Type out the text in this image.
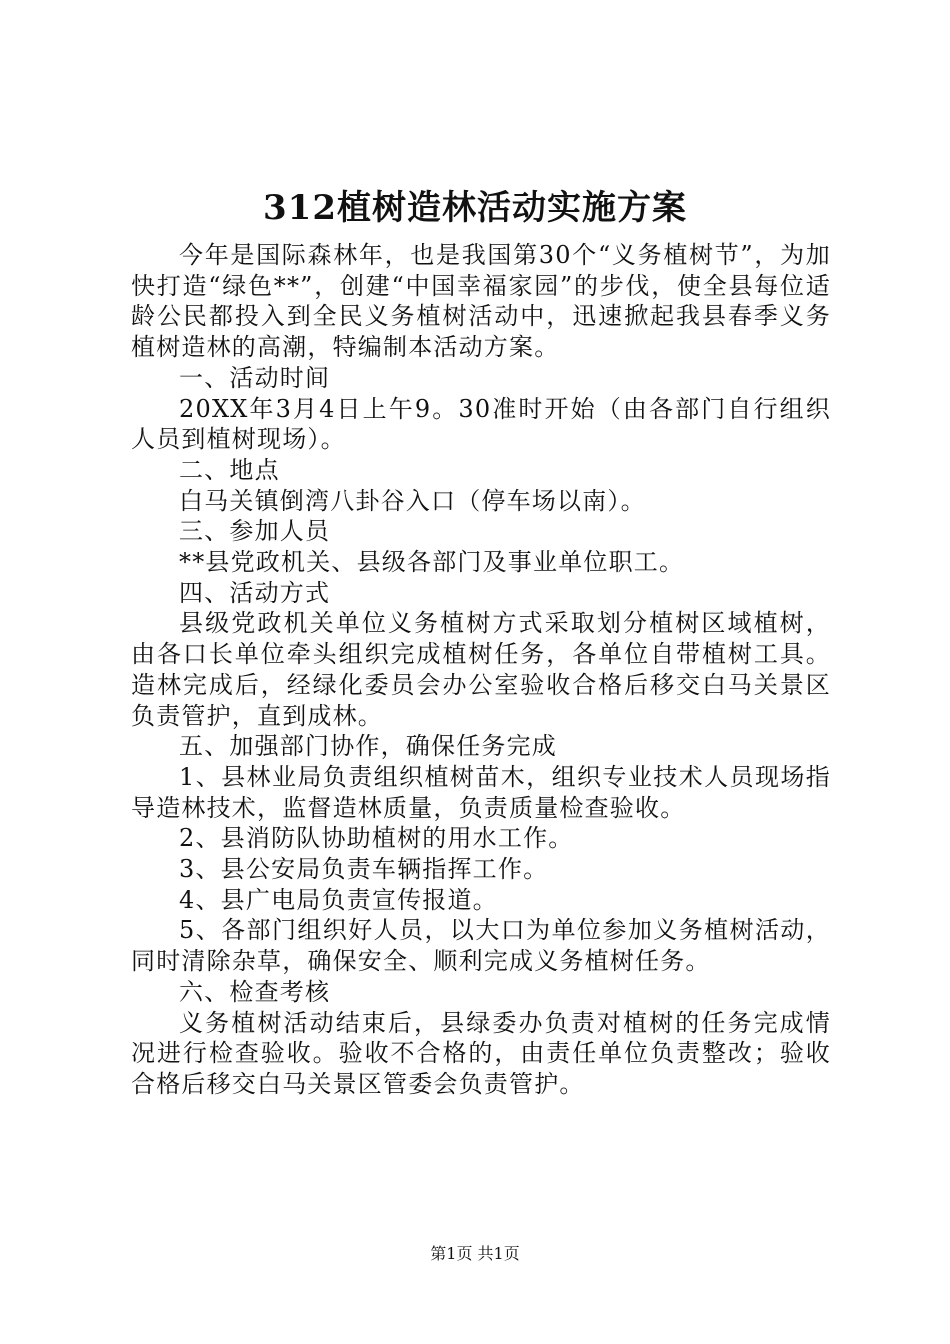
312植树造林活动实施方案

今年是国际森林年，也是我国第30个“义务植树节”，为加快打造“绿色**”，创建“中国幸福家园”的步伐，使全县每位适龄公民都投入到全民义务植树活动中，迅速掀起我县春季义务植树造林的高潮，特编制本活动方案。

一、活动时间

20XX年3月4日上午9。30准时开始（由各部门自行组织人员到植树现场）。

二、地点

白马关镇倒湾八卦谷入口（停车场以南）。

三、参加人员

**县党政机关、县级各部门及事业单位职工。

四、活动方式

县级党政机关单位义务植树方式采取划分植树区域植树，由各口长单位牵头组织完成植树任务，各单位自带植树工具。造林完成后，经绿化委员会办公室验收合格后移交白马关景区负责管护，直到成林。

五、加强部门协作，确保任务完成

1、县林业局负责组织植树苗木，组织专业技术人员现场指导造林技术，监督造林质量，负责质量检查验收。

2、县消防队协助植树的用水工作。

3、县公安局负责车辆指挥工作。

4、县广电局负责宣传报道。

5、各部门组织好人员，以大口为单位参加义务植树活动，同时清除杂草，确保安全、顺利完成义务植树任务。

六、检查考核

义务植树活动结束后，县绿委办负责对植树的任务完成情况进行检查验收。验收不合格的，由责任单位负责整改；验收合格后移交白马关景区管委会负责管护。

第1页 共1页
